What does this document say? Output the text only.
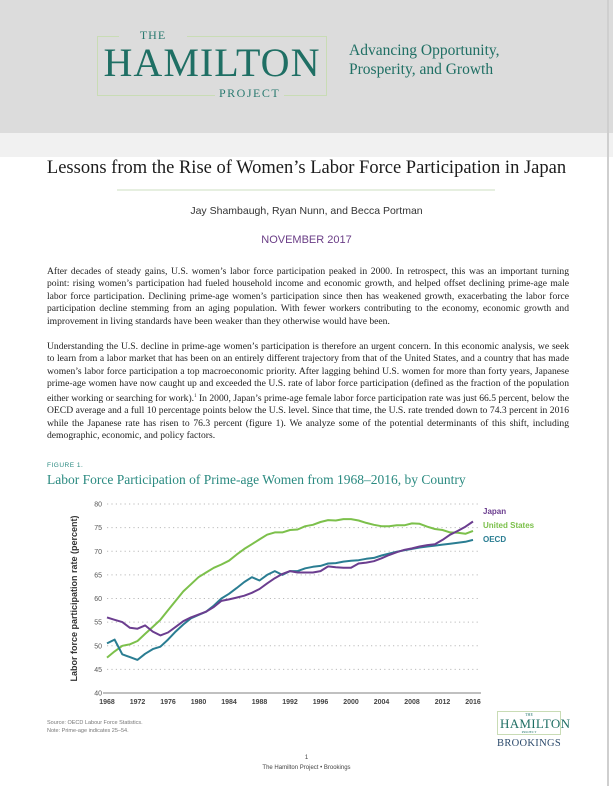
THE
HAMILTON
PROJECT
Advancing Opportunity,
Prosperity, and Growth
Lessons from the Rise of Women’s Labor Force Participation in Japan
Jay Shambaugh, Ryan Nunn, and Becca Portman
NOVEMBER 2017
After decades of steady gains, U.S. women’s labor force participation peaked in 2000. In retrospect, this was an important turning point: rising women’s participation had fueled household income and economic growth, and helped offset declining prime-age male labor force participation. Declining prime-age women’s participation since then has weakened growth, exacerbating the labor force participation decline stemming from an aging population. With fewer workers contributing to the economy, economic growth and improvement in living standards have been weaker than they otherwise would have been.
Understanding the U.S. decline in prime-age women’s participation is therefore an urgent concern. In this economic analysis, we seek to learn from a labor market that has been on an entirely different trajectory from that of the United States, and a country that has made women’s labor force participation a top macroeconomic priority. After lagging behind U.S. women for more than forty years, Japanese prime-age women have now caught up and exceeded the U.S. rate of labor force participation (defined as the fraction of the population either working or searching for work).$^1$ In 2000, Japan’s prime-age female labor force participation rate was just 66.5 percent, below the OECD average and a full 10 percentage points below the U.S. level. Since that time, the U.S. rate trended down to 74.3 percent in 2016 while the Japanese rate has risen to 76.3 percent (figure 1). We analyze some of the potential determinants of this shift, including demographic, economic, and policy factors.
FIGURE 1.
Labor Force Participation of Prime-age Women from 1968–2016, by Country
40
45
50
55
60
65
70
75
80
1968 1972 1976 1980 1984 1988 1992 1996 2000 2004 2008 2012 2016
Labor force participation rate (percent)
Japan
United States
OECD
Source: OECD Labour Force Statistics.
Note: Prime-age indicates 25–54.
THE
HAMILTON
PROJECT
BROOKINGS
1
The Hamilton Project • Brookings
